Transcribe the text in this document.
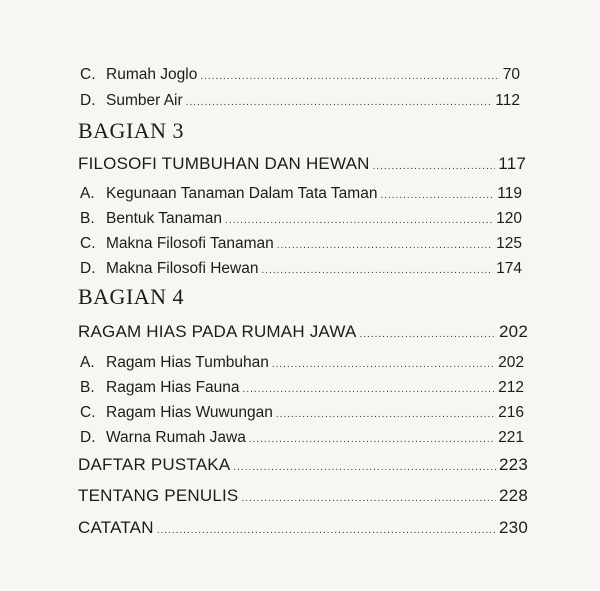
C. Rumah Joglo .....	70
D. Sumber Air .....	112
BAGIAN 3
FILOSOFI TUMBUHAN DAN HEWAN .....	117
A. Kegunaan Tanaman Dalam Tata Taman .....	119
B. Bentuk Tanaman .....	120
C. Makna Filosofi Tanaman .....	125
D. Makna Filosofi Hewan .....	174
BAGIAN 4
RAGAM HIAS PADA RUMAH JAWA .....	202
A. Ragam Hias Tumbuhan .....	202
B. Ragam Hias Fauna .....	212
C. Ragam Hias Wuwungan .....	216
D. Warna Rumah Jawa .....	221
DAFTAR PUSTAKA .....	223
TENTANG PENULIS .....	228
CATATAN .....	230
